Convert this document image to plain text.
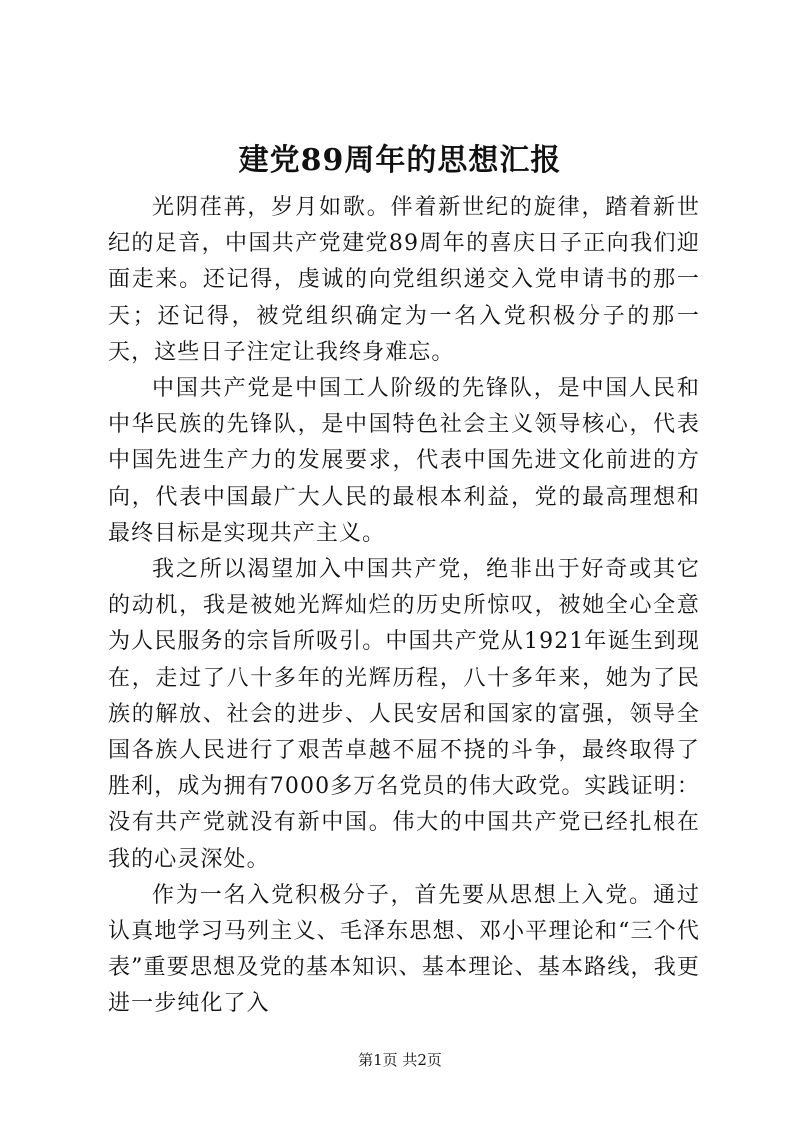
建党89周年的思想汇报

光阴荏苒，岁月如歌。伴着新世纪的旋律，踏着新世纪的足音，中国共产党建党89周年的喜庆日子正向我们迎面走来。还记得，虔诚的向党组织递交入党申请书的那一天；还记得，被党组织确定为一名入党积极分子的那一天，这些日子注定让我终身难忘。

中国共产党是中国工人阶级的先锋队，是中国人民和中华民族的先锋队，是中国特色社会主义领导核心，代表中国先进生产力的发展要求，代表中国先进文化前进的方向，代表中国最广大人民的最根本利益，党的最高理想和最终目标是实现共产主义。

我之所以渴望加入中国共产党，绝非出于好奇或其它的动机，我是被她光辉灿烂的历史所惊叹，被她全心全意为人民服务的宗旨所吸引。中国共产党从1921年诞生到现在，走过了八十多年的光辉历程，八十多年来，她为了民族的解放、社会的进步、人民安居和国家的富强，领导全国各族人民进行了艰苦卓越不屈不挠的斗争，最终取得了胜利，成为拥有7000多万名党员的伟大政党。实践证明：没有共产党就没有新中国。伟大的中国共产党已经扎根在我的心灵深处。

作为一名入党积极分子，首先要从思想上入党。通过认真地学习马列主义、毛泽东思想、邓小平理论和“三个代表”重要思想及党的基本知识、基本理论、基本路线，我更进一步纯化了入

第1页 共2页
